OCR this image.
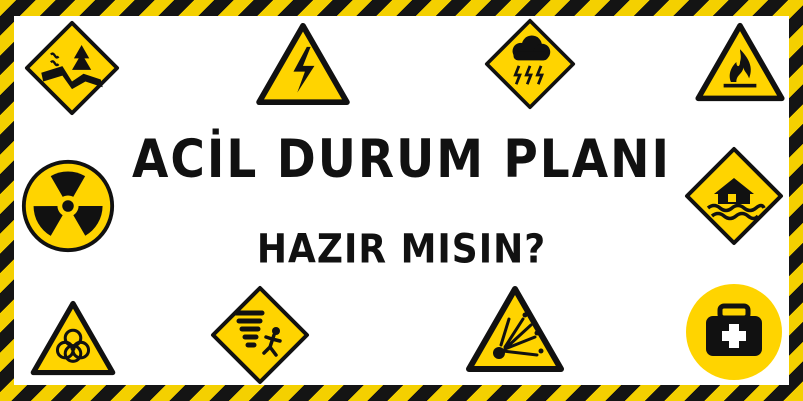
ACİL DURUM PLANI
HAZIR MISIN?
